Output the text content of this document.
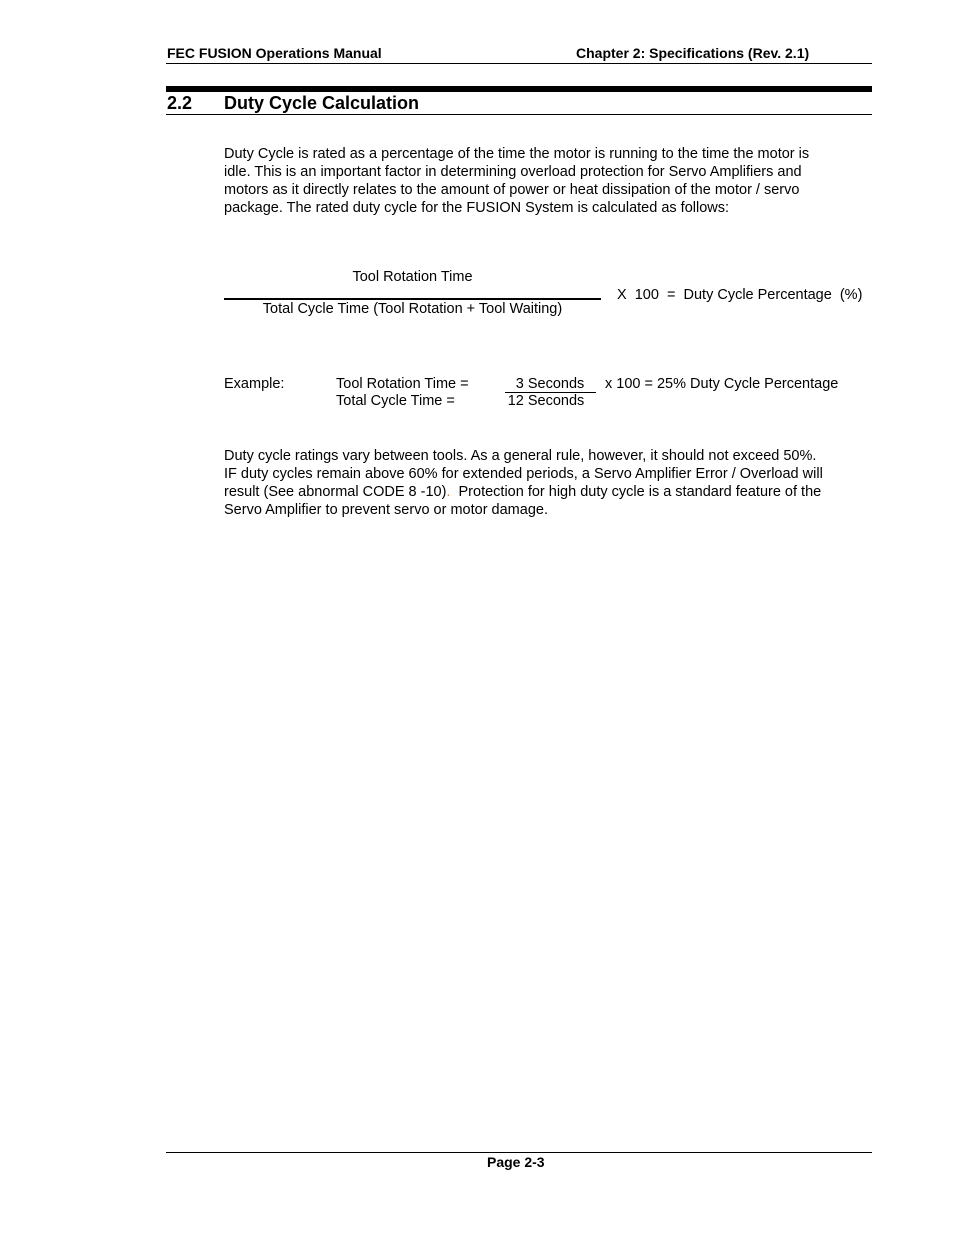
FEC FUSION Operations Manual	Chapter 2: Specifications (Rev. 2.1)
2.2 Duty Cycle Calculation
Duty Cycle is rated as a percentage of the time the motor is running to the time the motor is
idle. This is an important factor in determining overload protection for Servo Amplifiers and
motors as it directly relates to the amount of power or heat dissipation of the motor / servo
package. The rated duty cycle for the FUSION System is calculated as follows:
Tool Rotation Time
Total Cycle Time (Tool Rotation + Tool Waiting)
X  100  =  Duty Cycle Percentage  (%)
Example:	Tool Rotation Time =
Total Cycle Time =
3 Seconds
12 Seconds
x 100 = 25% Duty Cycle Percentage
Duty cycle ratings vary between tools. As a general rule, however, it should not exceed 50%.
IF duty cycles remain above 60% for extended periods, a Servo Amplifier Error / Overload will
result (See abnormal CODE 8 -10).  Protection for high duty cycle is a standard feature of the
Servo Amplifier to prevent servo or motor damage.
Page 2-3
